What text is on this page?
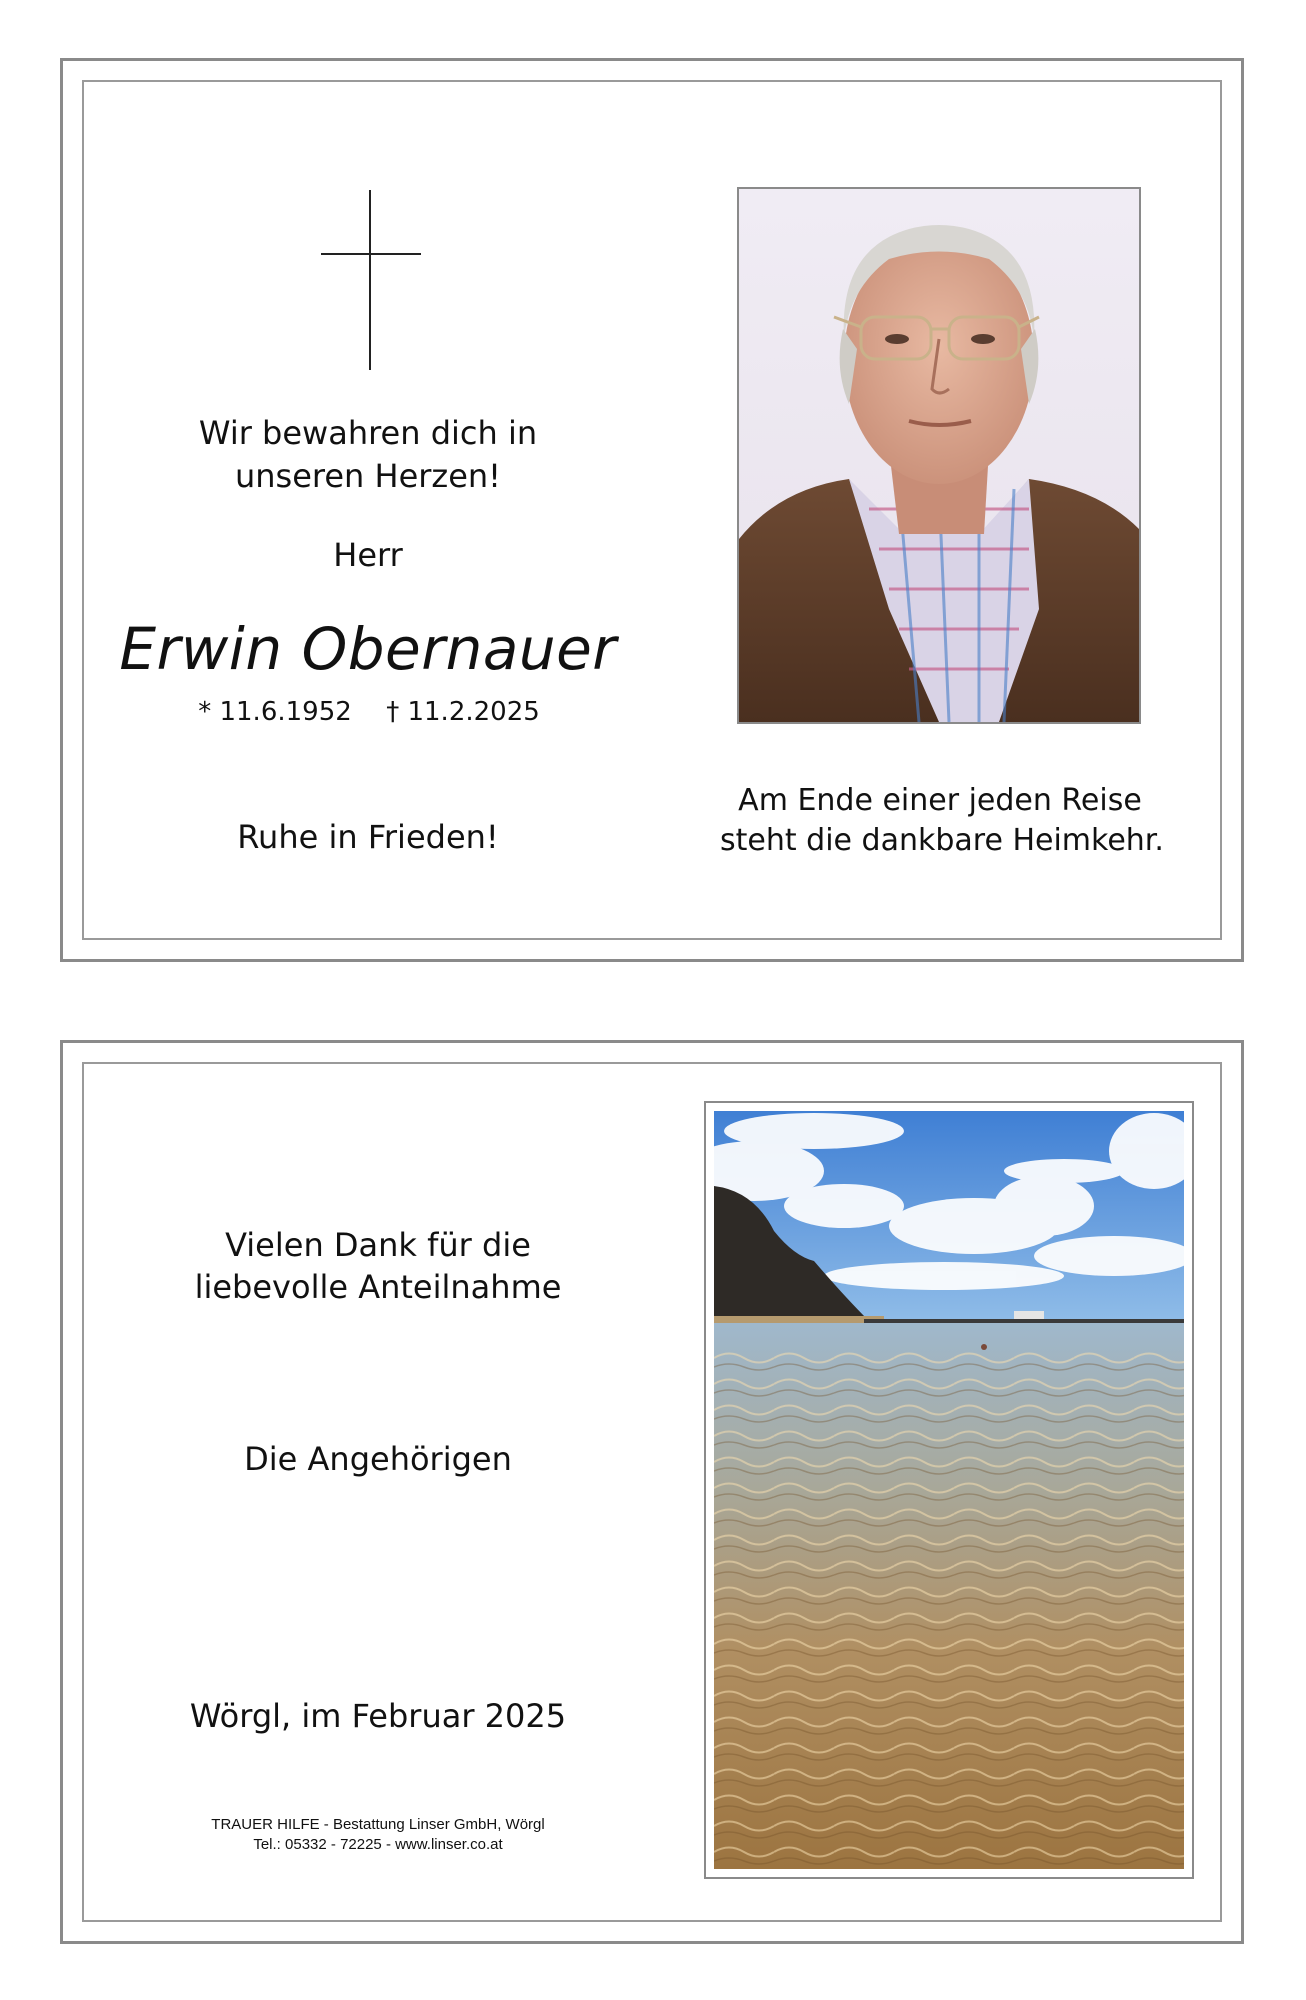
Wir bewahren dich in
unseren Herzen!
Herr
Erwin Obernauer
* 11.6.1952	† 11.2.2025
Ruhe in Frieden!
Am Ende einer jeden Reise
steht die dankbare Heimkehr.
Vielen Dank für die
liebevolle Anteilnahme
Die Angehörigen
Wörgl, im Februar 2025
TRAUER HILFE - Bestattung Linser GmbH, Wörgl
Tel.: 05332 - 72225 - www.linser.co.at
